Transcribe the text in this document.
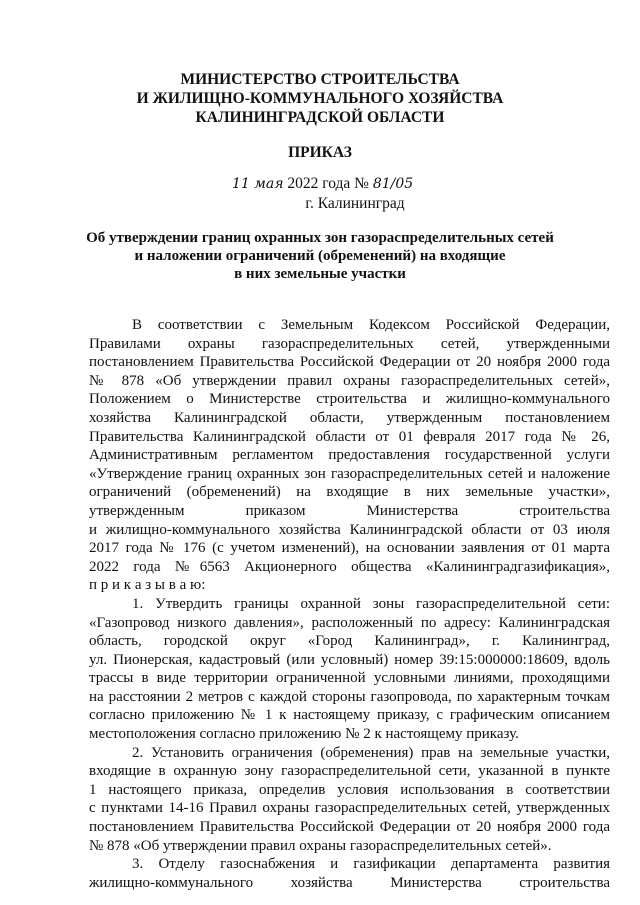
МИНИСТЕРСТВО СТРОИТЕЛЬСТВА
И ЖИЛИЩНО-КОММУНАЛЬНОГО ХОЗЯЙСТВА
КАЛИНИНГРАДСКОЙ ОБЛАСТИ
ПРИКАЗ
11 мая 2022 года № 81/05
г. Калининград
Об утверждении границ охранных зон газораспределительных сетей
и наложении ограничений (обременений) на входящие
в них земельные участки
В соответствии с Земельным Кодексом Российской Федерации,
Правилами охраны газораспределительных сетей, утвержденными
постановлением Правительства Российской Федерации от 20 ноября 2000 года
№ 878 «Об утверждении правил охраны газораспределительных сетей»,
Положением о Министерстве строительства и жилищно-коммунального
хозяйства Калининградской области, утвержденным постановлением
Правительства Калининградской области от 01 февраля 2017 года № 26,
Административным регламентом предоставления государственной услуги
«Утверждение границ охранных зон газораспределительных сетей и наложение
ограничений (обременений) на входящие в них земельные участки»,
утвержденным приказом Министерства строительства
и жилищно-коммунального хозяйства Калининградской области от 03 июля
2017 года № 176 (с учетом изменений), на основании заявления от 01 марта
2022 года №6563 Акционерного общества «Калининградгазификация»,
п р и к а з ы в а ю:
1. Утвердить границы охранной зоны газораспределительной сети:
«Газопровод низкого давления», расположенный по адресу: Калининградская
область, городской округ «Город Калининград», г. Калининград,
ул. Пионерская, кадастровый (или условный) номер 39:15:000000:18609, вдоль
трассы в виде территории ограниченной условными линиями, проходящими
на расстоянии 2 метров с каждой стороны газопровода, по характерным точкам
согласно приложению № 1 к настоящему приказу, с графическим описанием
местоположения согласно приложению № 2 к настоящему приказу.
2. Установить ограничения (обременения) прав на земельные участки,
входящие в охранную зону газораспределительной сети, указанной в пункте
1 настоящего приказа, определив условия использования в соответствии
с пунктами 14-16 Правил охраны газораспределительных сетей, утвержденных
постановлением Правительства Российской Федерации от 20 ноября 2000 года
№ 878 «Об утверждении правил охраны газораспределительных сетей».
3. Отделу газоснабжения и газификации департамента развития
жилищно-коммунального хозяйства Министерства строительства
